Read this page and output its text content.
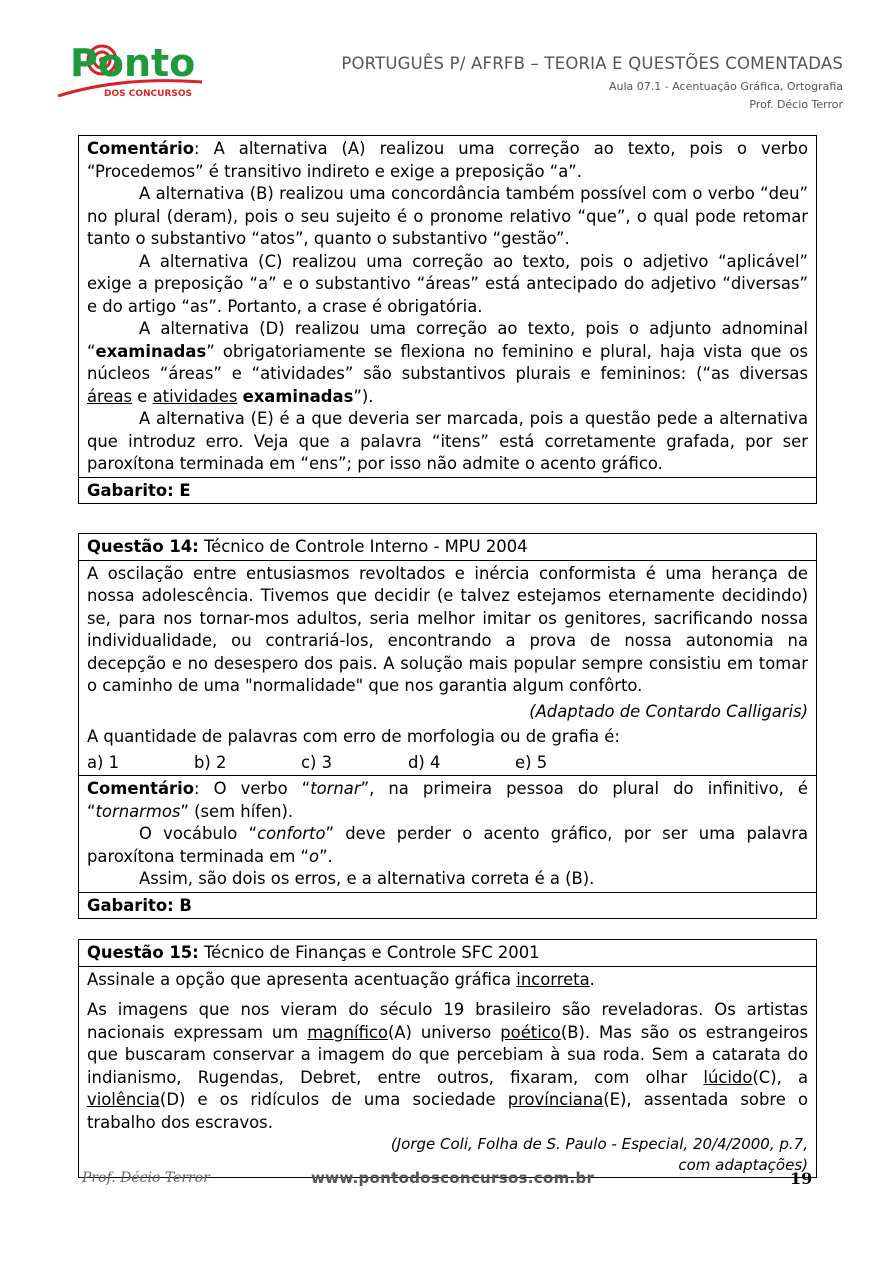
Ponto
DOS CONCURSOS
PORTUGUÊS P/ AFRFB – TEORIA E QUESTÕES COMENTADAS
Aula 07.1 - Acentuação Gráfica, Ortografia
Prof. Décio Terror
Comentário: A alternativa (A) realizou uma correção ao texto, pois o verbo “Procedemos” é transitivo indireto e exige a preposição “a”.
A alternativa (B) realizou uma concordância também possível com o verbo “deu” no plural (deram), pois o seu sujeito é o pronome relativo “que”, o qual pode retomar tanto o substantivo “atos”, quanto o substantivo “gestão”.
A alternativa (C) realizou uma correção ao texto, pois o adjetivo “aplicável” exige a preposição “a” e o substantivo “áreas” está antecipado do adjetivo “diversas” e do artigo “as”. Portanto, a crase é obrigatória.
A alternativa (D) realizou uma correção ao texto, pois o adjunto adnominal “examinadas” obrigatoriamente se flexiona no feminino e plural, haja vista que os núcleos “áreas” e “atividades” são substantivos plurais e femininos: (“as diversas áreas e atividades examinadas”).
A alternativa (E) é a que deveria ser marcada, pois a questão pede a alternativa que introduz erro. Veja que a palavra “itens” está corretamente grafada, por ser paroxítona terminada em “ens”; por isso não admite o acento gráfico.
Gabarito: E
Questão 14: Técnico de Controle Interno - MPU 2004
A oscilação entre entusiasmos revoltados e inércia conformista é uma herança de nossa adolescência. Tivemos que decidir (e talvez estejamos eternamente decidindo) se, para nos tornar-mos adultos, seria melhor imitar os genitores, sacrificando nossa individualidade, ou contrariá-los, encontrando a prova de nossa autonomia na decepção e no desespero dos pais. A solução mais popular sempre consistiu em tomar o caminho de uma "normalidade" que nos garantia algum confôrto.
(Adaptado de Contardo Calligaris)
A quantidade de palavras com erro de morfologia ou de grafia é:
a) 1	b) 2	c) 3	d) 4	e) 5
Comentário: O verbo “tornar”, na primeira pessoa do plural do infinitivo, é “tornarmos” (sem hífen).
O vocábulo “conforto” deve perder o acento gráfico, por ser uma palavra paroxítona terminada em “o”.
Assim, são dois os erros, e a alternativa correta é a (B).
Gabarito: B
Questão 15: Técnico de Finanças e Controle SFC 2001
Assinale a opção que apresenta acentuação gráfica incorreta.
As imagens que nos vieram do século 19 brasileiro são reveladoras. Os artistas nacionais expressam um magnífico(A) universo poético(B). Mas são os estrangeiros que buscaram conservar a imagem do que percebiam à sua roda. Sem a catarata do indianismo, Rugendas, Debret, entre outros, fixaram, com olhar lúcido(C), a violência(D) e os ridículos de uma sociedade provínciana(E), assentada sobre o trabalho dos escravos.
(Jorge Coli, Folha de S. Paulo - Especial, 20/4/2000, p.7, com adaptações)
Prof. Décio Terror	www.pontodosconcursos.com.br	19
